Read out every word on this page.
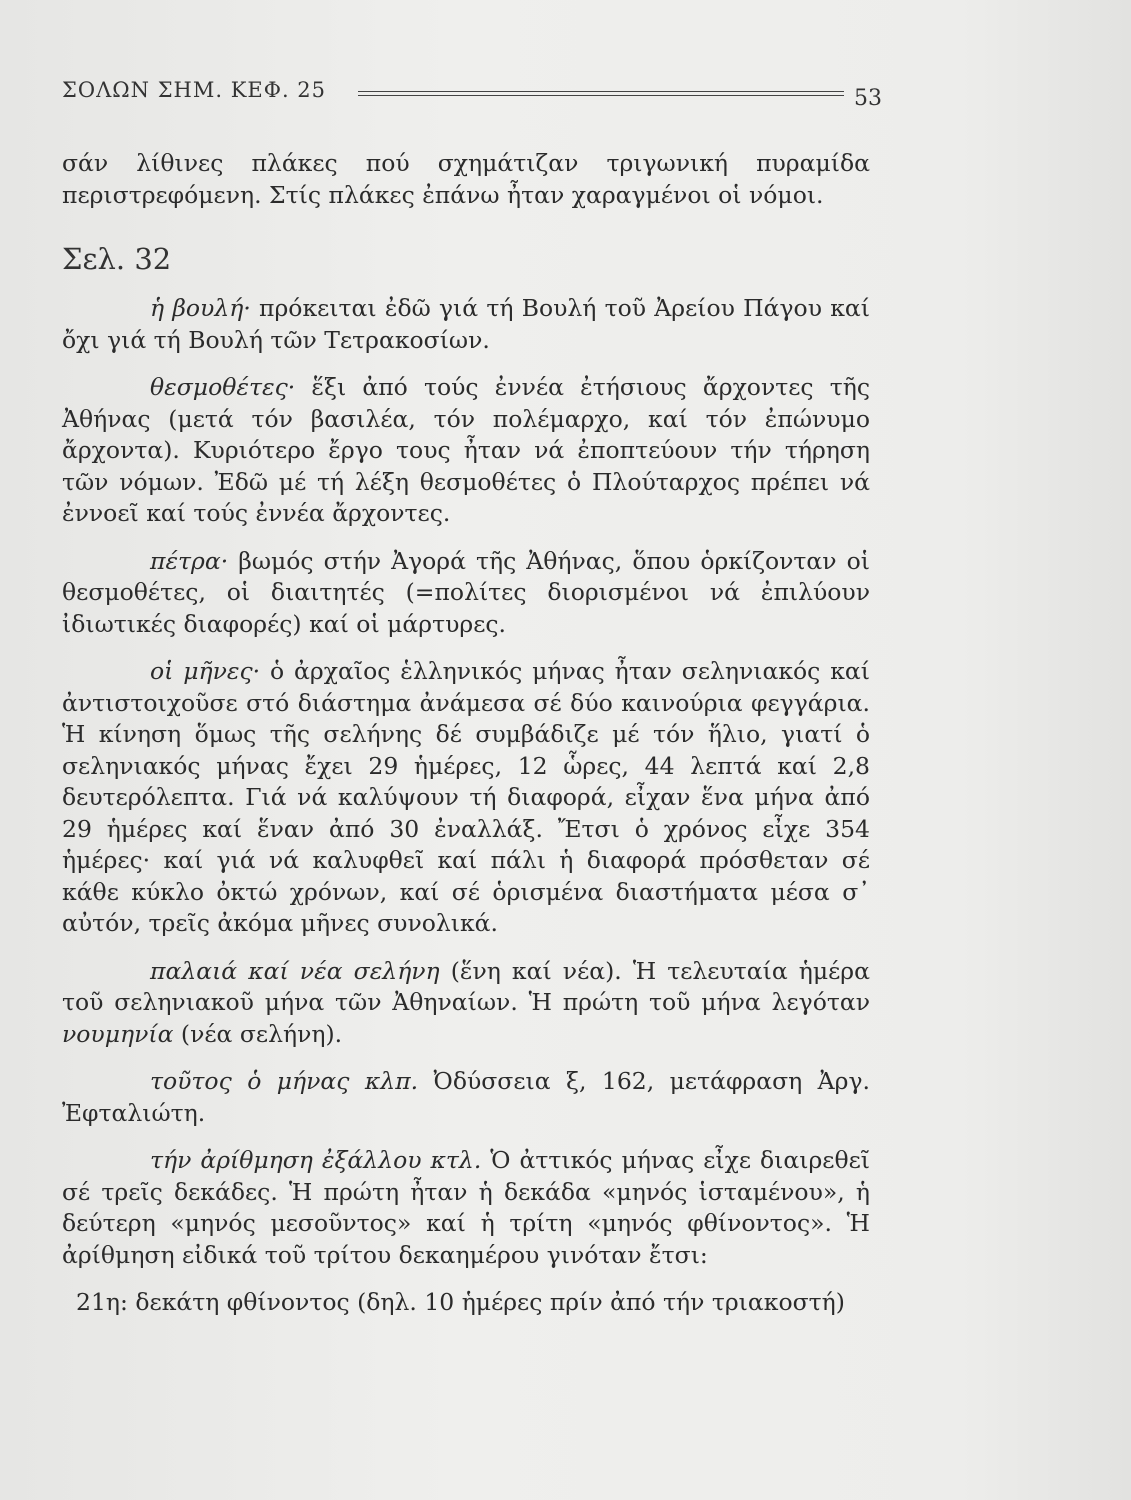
ΣΟΛΩΝ ΣΗΜ. ΚΕΦ. 25	53

σάν λίθινες πλάκες πού σχημάτιζαν τριγωνική πυραμίδα περιστρεφόμενη. Στίς πλάκες ἐπάνω ἦταν χαραγμένοι οἱ νόμοι.

Σελ. 32

ἡ βουλή· πρόκειται ἐδῶ γιά τή Βουλή τοῦ Ἀρείου Πάγου καί ὄχι γιά τή Βουλή τῶν Τετρακοσίων.

θεσμοθέτες· ἕξι ἀπό τούς ἐννέα ἐτήσιους ἄρχοντες τῆς Ἀθήνας (μετά τόν βασιλέα, τόν πολέμαρχο, καί τόν ἐπώνυμο ἄρχοντα). Κυριότερο ἔργο τους ἦταν νά ἐποπτεύουν τήν τήρηση τῶν νόμων. Ἐδῶ μέ τή λέξη θεσμοθέτες ὁ Πλούταρχος πρέπει νά ἐννοεῖ καί τούς ἐννέα ἄρχοντες.

πέτρα· βωμός στήν Ἀγορά τῆς Ἀθήνας, ὅπου ὁρκίζονταν οἱ θεσμοθέτες, οἱ διαιτητές (=πολίτες διορισμένοι νά ἐπιλύουν ἰδιωτικές διαφορές) καί οἱ μάρτυρες.

οἱ μῆνες· ὁ ἀρχαῖος ἑλληνικός μήνας ἦταν σεληνιακός καί ἀντιστοιχοῦσε στό διάστημα ἀνάμεσα σέ δύο καινούρια φεγγάρια. Ἡ κίνηση ὅμως τῆς σελήνης δέ συμβάδιζε μέ τόν ἥλιο, γιατί ὁ σεληνιακός μήνας ἔχει 29 ἡμέρες, 12 ὧρες, 44 λεπτά καί 2,8 δευτερόλεπτα. Γιά νά καλύψουν τή διαφορά, εἶχαν ἕνα μήνα ἀπό 29 ἡμέρες καί ἕναν ἀπό 30 ἐναλλάξ. Ἔτσι ὁ χρόνος εἶχε 354 ἡμέρες· καί γιά νά καλυφθεῖ καί πάλι ἡ διαφορά πρόσθεταν σέ κάθε κύκλο ὀκτώ χρόνων, καί σέ ὁρισμένα διαστήματα μέσα σ᾽ αὐτόν, τρεῖς ἀκόμα μῆνες συνολικά.

παλαιά καί νέα σελήνη (ἕνη καί νέα). Ἡ τελευταία ἡμέρα τοῦ σεληνιακοῦ μήνα τῶν Ἀθηναίων. Ἡ πρώτη τοῦ μήνα λεγόταν νουμηνία (νέα σελήνη).

τοῦτος ὁ μήνας κλπ. Ὀδύσσεια ξ, 162, μετάφραση Ἀργ. Ἐφταλιώτη.

τήν ἀρίθμηση ἐξάλλου κτλ. Ὁ ἀττικός μήνας εἶχε διαιρεθεῖ σέ τρεῖς δεκάδες. Ἡ πρώτη ἦταν ἡ δεκάδα «μηνός ἱσταμένου», ἡ δεύτερη «μηνός μεσοῦντος» καί ἡ τρίτη «μηνός φθίνοντος». Ἡ ἀρίθμηση εἰδικά τοῦ τρίτου δεκαημέρου γινόταν ἔτσι:

21η: δεκάτη φθίνοντος (δηλ. 10 ἡμέρες πρίν ἀπό τήν τριακοστή)
